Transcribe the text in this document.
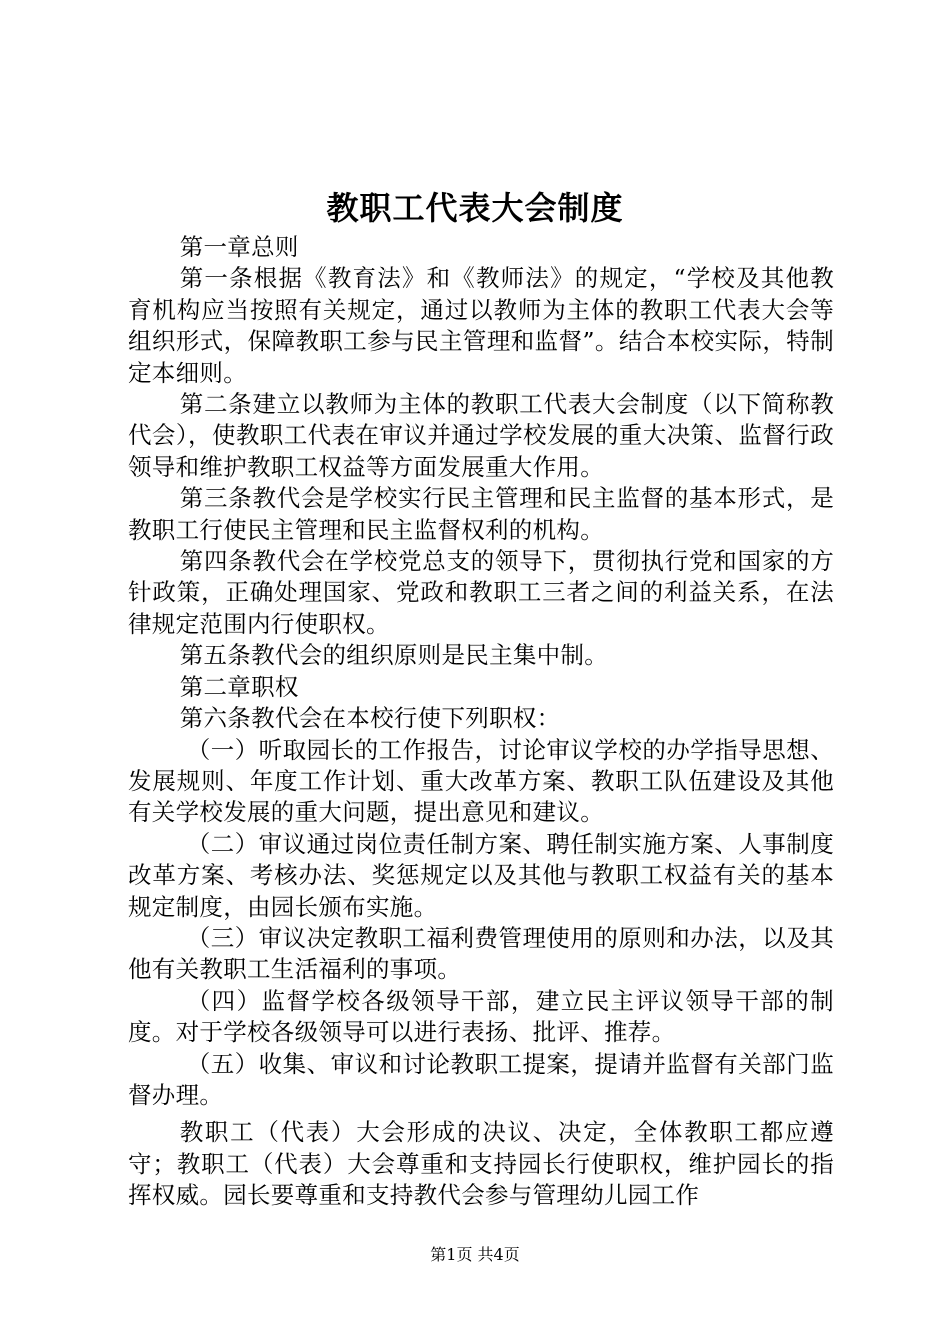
教职工代表大会制度

第一章总则

第一条根据《教育法》和《教师法》的规定，“学校及其他教育机构应当按照有关规定，通过以教师为主体的教职工代表大会等组织形式，保障教职工参与民主管理和监督”。结合本校实际，特制定本细则。

第二条建立以教师为主体的教职工代表大会制度（以下简称教代会），使教职工代表在审议并通过学校发展的重大决策、监督行政领导和维护教职工权益等方面发展重大作用。

第三条教代会是学校实行民主管理和民主监督的基本形式，是教职工行使民主管理和民主监督权利的机构。

第四条教代会在学校党总支的领导下，贯彻执行党和国家的方针政策，正确处理国家、党政和教职工三者之间的利益关系，在法律规定范围内行使职权。

第五条教代会的组织原则是民主集中制。

第二章职权

第六条教代会在本校行使下列职权：

（一）听取园长的工作报告，讨论审议学校的办学指导思想、发展规则、年度工作计划、重大改革方案、教职工队伍建设及其他有关学校发展的重大问题，提出意见和建议。

（二）审议通过岗位责任制方案、聘任制实施方案、人事制度改革方案、考核办法、奖惩规定以及其他与教职工权益有关的基本规定制度，由园长颁布实施。

（三）审议决定教职工福利费管理使用的原则和办法，以及其他有关教职工生活福利的事项。

（四）监督学校各级领导干部，建立民主评议领导干部的制度。对于学校各级领导可以进行表扬、批评、推荐。

（五）收集、审议和讨论教职工提案，提请并监督有关部门监督办理。

教职工（代表）大会形成的决议、决定，全体教职工都应遵守；教职工（代表）大会尊重和支持园长行使职权，维护园长的指挥权威。园长要尊重和支持教代会参与管理幼儿园工作

第1页 共4页
